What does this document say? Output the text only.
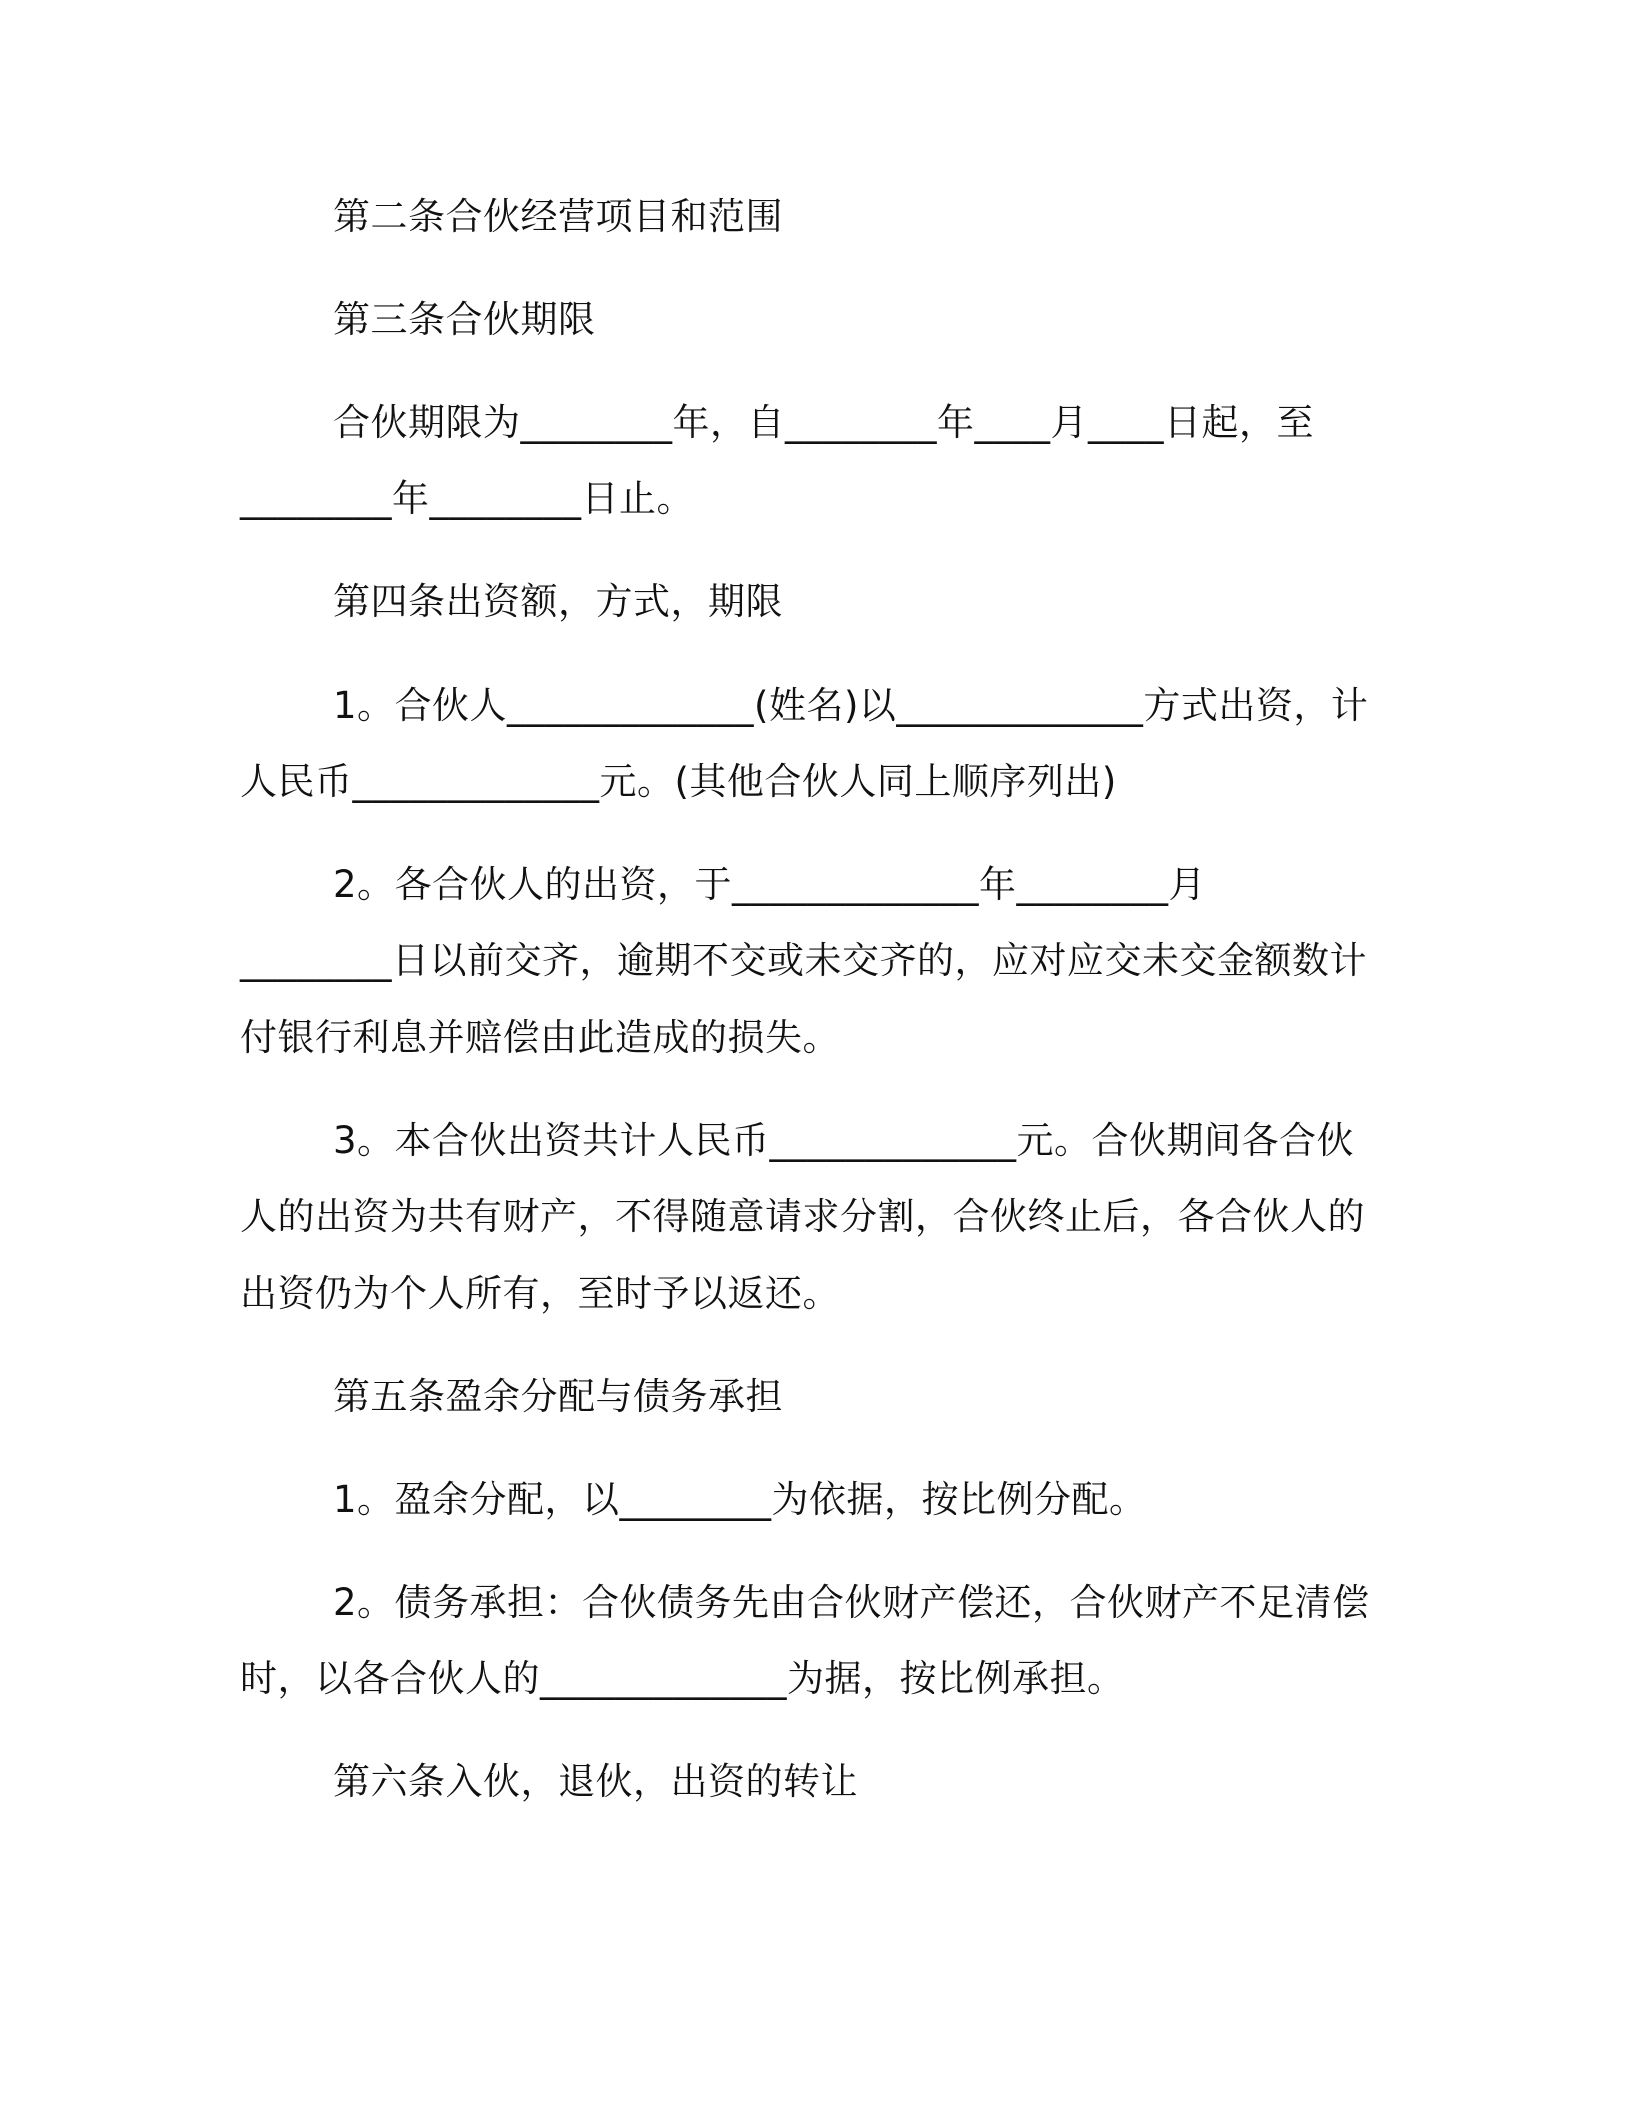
第二条合伙经营项目和范围

第三条合伙期限

合伙期限为________年，自________年____月____日起，至

________年________日止。

第四条出资额，方式，期限

1。合伙人_____________(姓名)以_____________方式出资，计

人民币_____________元。(其他合伙人同上顺序列出)

2。各合伙人的出资，于_____________年________月

________日以前交齐，逾期不交或未交齐的，应对应交未交金额数计

付银行利息并赔偿由此造成的损失。

3。本合伙出资共计人民币_____________元。合伙期间各合伙

人的出资为共有财产，不得随意请求分割，合伙终止后，各合伙人的

出资仍为个人所有，至时予以返还。

第五条盈余分配与债务承担

1。盈余分配，以________为依据，按比例分配。

2。债务承担：合伙债务先由合伙财产偿还，合伙财产不足清偿

时，以各合伙人的_____________为据，按比例承担。

第六条入伙，退伙，出资的转让
